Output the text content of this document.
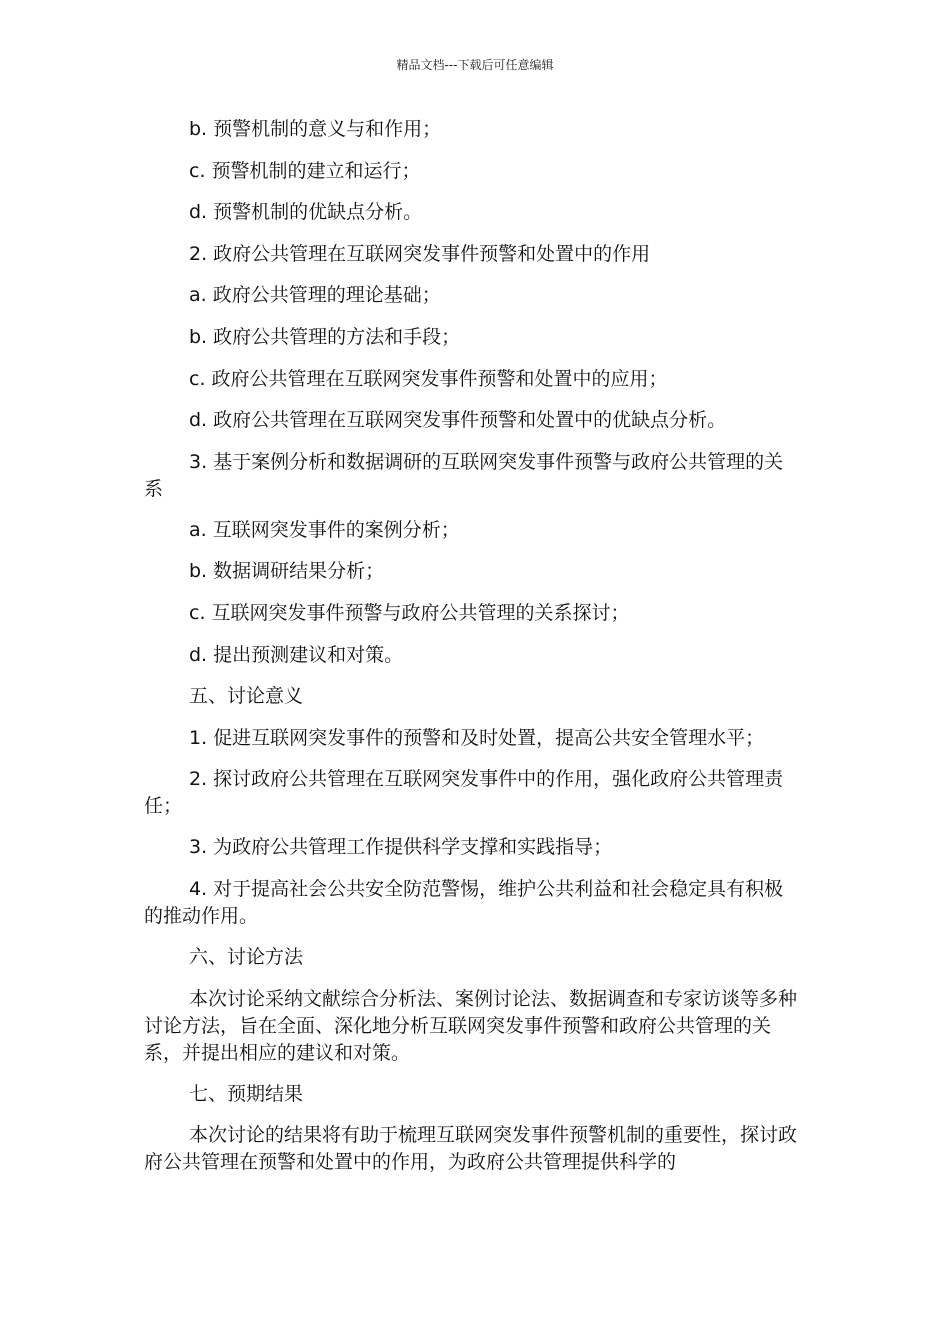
精品文档---下载后可任意编辑

b. 预警机制的意义与和作用；

c. 预警机制的建立和运行；

d. 预警机制的优缺点分析。

2. 政府公共管理在互联网突发事件预警和处置中的作用

a. 政府公共管理的理论基础；

b. 政府公共管理的方法和手段；

c. 政府公共管理在互联网突发事件预警和处置中的应用；

d. 政府公共管理在互联网突发事件预警和处置中的优缺点分析。

3. 基于案例分析和数据调研的互联网突发事件预警与政府公共管理的关系

a. 互联网突发事件的案例分析；

b. 数据调研结果分析；

c. 互联网突发事件预警与政府公共管理的关系探讨；

d. 提出预测建议和对策。

五、讨论意义

1. 促进互联网突发事件的预警和及时处置，提高公共安全管理水平；

2. 探讨政府公共管理在互联网突发事件中的作用，强化政府公共管理责任；

3. 为政府公共管理工作提供科学支撑和实践指导；

4. 对于提高社会公共安全防范警惕，维护公共利益和社会稳定具有积极的推动作用。

六、讨论方法

本次讨论采纳文献综合分析法、案例讨论法、数据调查和专家访谈等多种讨论方法，旨在全面、深化地分析互联网突发事件预警和政府公共管理的关系，并提出相应的建议和对策。

七、预期结果

本次讨论的结果将有助于梳理互联网突发事件预警机制的重要性，探讨政府公共管理在预警和处置中的作用，为政府公共管理提供科学的
